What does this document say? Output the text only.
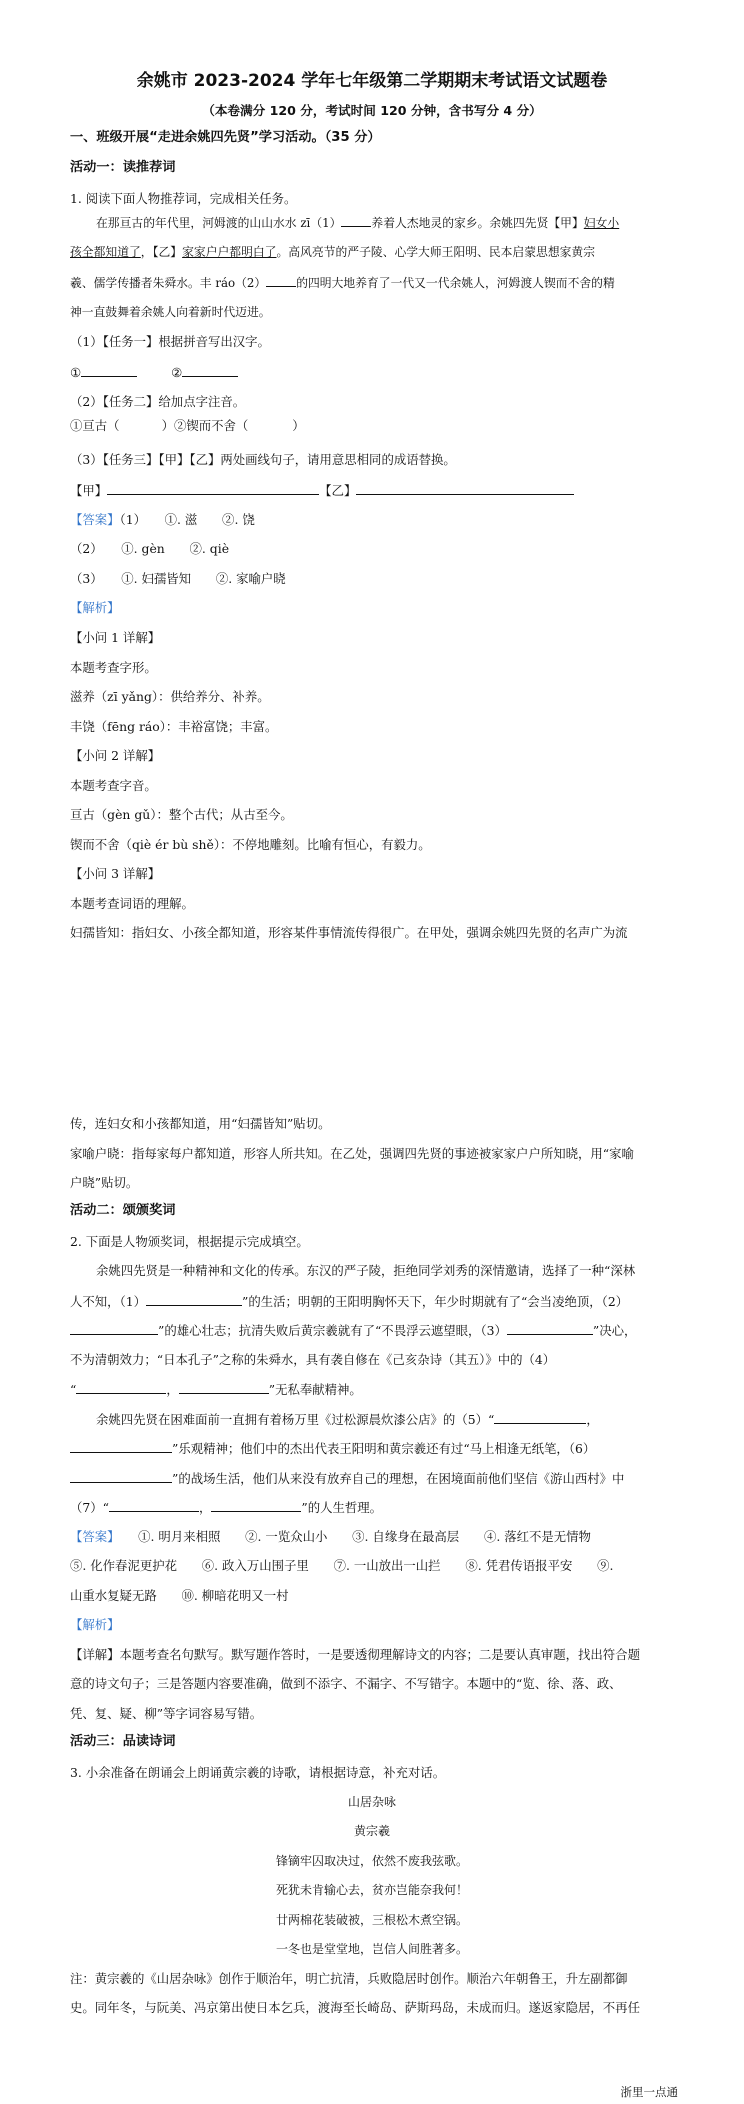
余姚市 2023-2024 学年七年级第二学期期末考试语文试题卷
（本卷满分 120 分，考试时间 120 分钟，含书写分 4 分）
一、班级开展“走进余姚四先贤”学习活动。（35 分）
活动一：读推荐词
1. 阅读下面人物推荐词，完成相关任务。
在那亘古的年代里，河姆渡的山山水水 zī（1）	养着人杰地灵的家乡。余姚四先贤【甲】妇女小
孩全都知道了，【乙】家家户户都明白了。高风亮节的严子陵、心学大师王阳明、民本启蒙思想家黄宗
羲、儒学传播者朱舜水。丰 ráo（2）	的四明大地养育了一代又一代余姚人，河姆渡人锲而不舍的精
神一直鼓舞着余姚人向着新时代迈进。
（1）【任务一】根据拼音写出汉字。
①	②
（2）【任务二】给加点字注音。
①亘古（	）②锲而不舍（	）
（3）【任务三】【甲】【乙】两处画线句子，请用意思相同的成语替换。
【甲】	【乙】
【答案】（1）　　①. 滋　　②. 饶
（2）　　①. gèn　　②. qiè
（3）　　①. 妇孺皆知　　②. 家喻户晓
【解析】
【小问 1 详解】
本题考查字形。
滋养（zī yǎng）：供给养分、补养。
丰饶（fēng ráo）：丰裕富饶；丰富。
【小问 2 详解】
本题考查字音。
亘古（gèn gǔ）：整个古代；从古至今。
锲而不舍（qiè ér bù shě）：不停地雕刻。比喻有恒心，有毅力。
【小问 3 详解】
本题考查词语的理解。
妇孺皆知：指妇女、小孩全都知道，形容某件事情流传得很广。在甲处，强调余姚四先贤的名声广为流
传，连妇女和小孩都知道，用“妇孺皆知”贴切。
家喻户晓：指每家每户都知道，形容人所共知。在乙处，强调四先贤的事迹被家家户户所知晓，用“家喻
户晓”贴切。
活动二：颂颁奖词
2. 下面是人物颁奖词，根据提示完成填空。
余姚四先贤是一种精神和文化的传承。东汉的严子陵，拒绝同学刘秀的深情邀请，选择了一种“深林
人不知，（1）	”的生活；明朝的王阳明胸怀天下，年少时期就有了“会当凌绝顶，（2）
”的雄心壮志；抗清失败后黄宗羲就有了“不畏浮云遮望眼，（3）	”决心，
不为清朝效力；“日本孔子”之称的朱舜水，具有袭自修在《己亥杂诗（其五）》中的（4）
“	，	”无私奉献精神。
余姚四先贤在困难面前一直拥有着杨万里《过松源晨炊漆公店》的（5）“	，
”乐观精神；他们中的杰出代表王阳明和黄宗羲还有过“马上相逢无纸笔，（6）
”的战场生活，他们从来没有放弃自己的理想，在困境面前他们坚信《游山西村》中
（7）“	，	”的人生哲理。
【答案】　　 ①. 明月来相照　　②. 一览众山小　　③. 自缘身在最高层　　④. 落红不是无情物
⑤. 化作春泥更护花　　⑥. 政入万山围子里　　⑦. 一山放出一山拦　　⑧. 凭君传语报平安　　⑨.
山重水复疑无路　　⑩. 柳暗花明又一村
【解析】
【详解】本题考查名句默写。默写题作答时，一是要透彻理解诗文的内容；二是要认真审题，找出符合题
意的诗文句子；三是答题内容要准确，做到不添字、不漏字、不写错字。本题中的“览、徐、落、政、
凭、复、疑、柳”等字词容易写错。
活动三：品读诗词
3. 小余准备在朗诵会上朗诵黄宗羲的诗歌，请根据诗意，补充对话。
山居杂咏
黄宗羲
锋镝牢囚取决过，依然不废我弦歌。
死犹未肯输心去，贫亦岂能奈我何！
廿两棉花装破被，三根松木煮空锅。
一冬也是堂堂地，岂信人间胜著多。
注：黄宗羲的《山居杂咏》创作于顺治年，明亡抗清，兵败隐居时创作。顺治六年朝鲁王，升左副都御
史。同年冬，与阮美、冯京第出使日本乞兵，渡海至长崎岛、萨斯玛岛，未成而归。遂返家隐居，不再任
浙里一点通
